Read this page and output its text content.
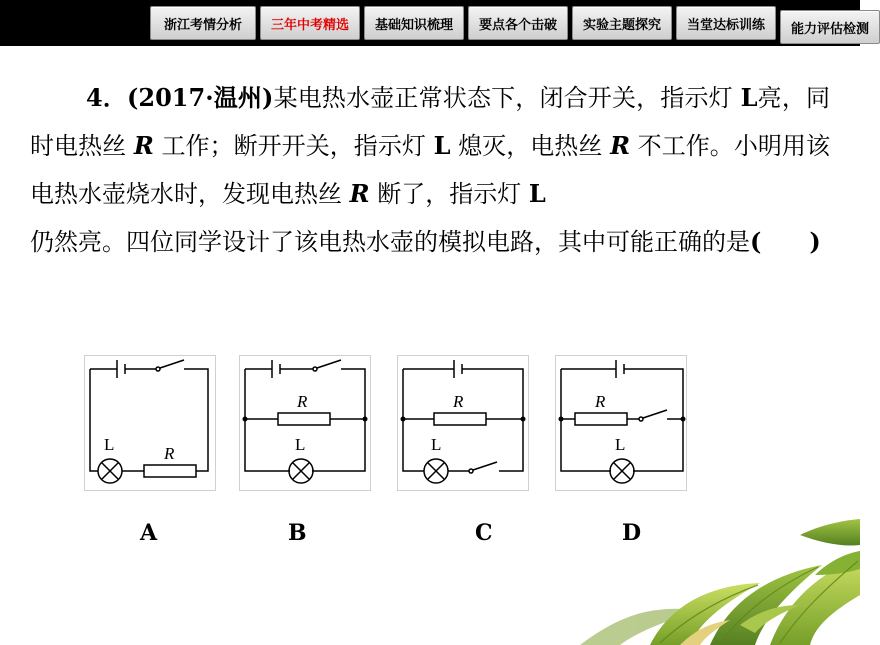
浙江考情分析	三年中考精选	基础知识梳理	要点各个击破	实验主题探究	当堂达标训练	能力评估检测
4．(2017·温州)某电热水壶正常状态下，闭合开关，指示灯 L亮，同时电热丝 R 工作；断开开关，指示灯 L 熄灭，电热丝 R 不工作。小明用该电热水壶烧水时，发现电热丝 R 断了，指示灯 L
仍然亮。四位同学设计了该电热水壶的模拟电路，其中可能正确的是(　　)
L	R
R
L
R
L
R
L
A	B	C	D
